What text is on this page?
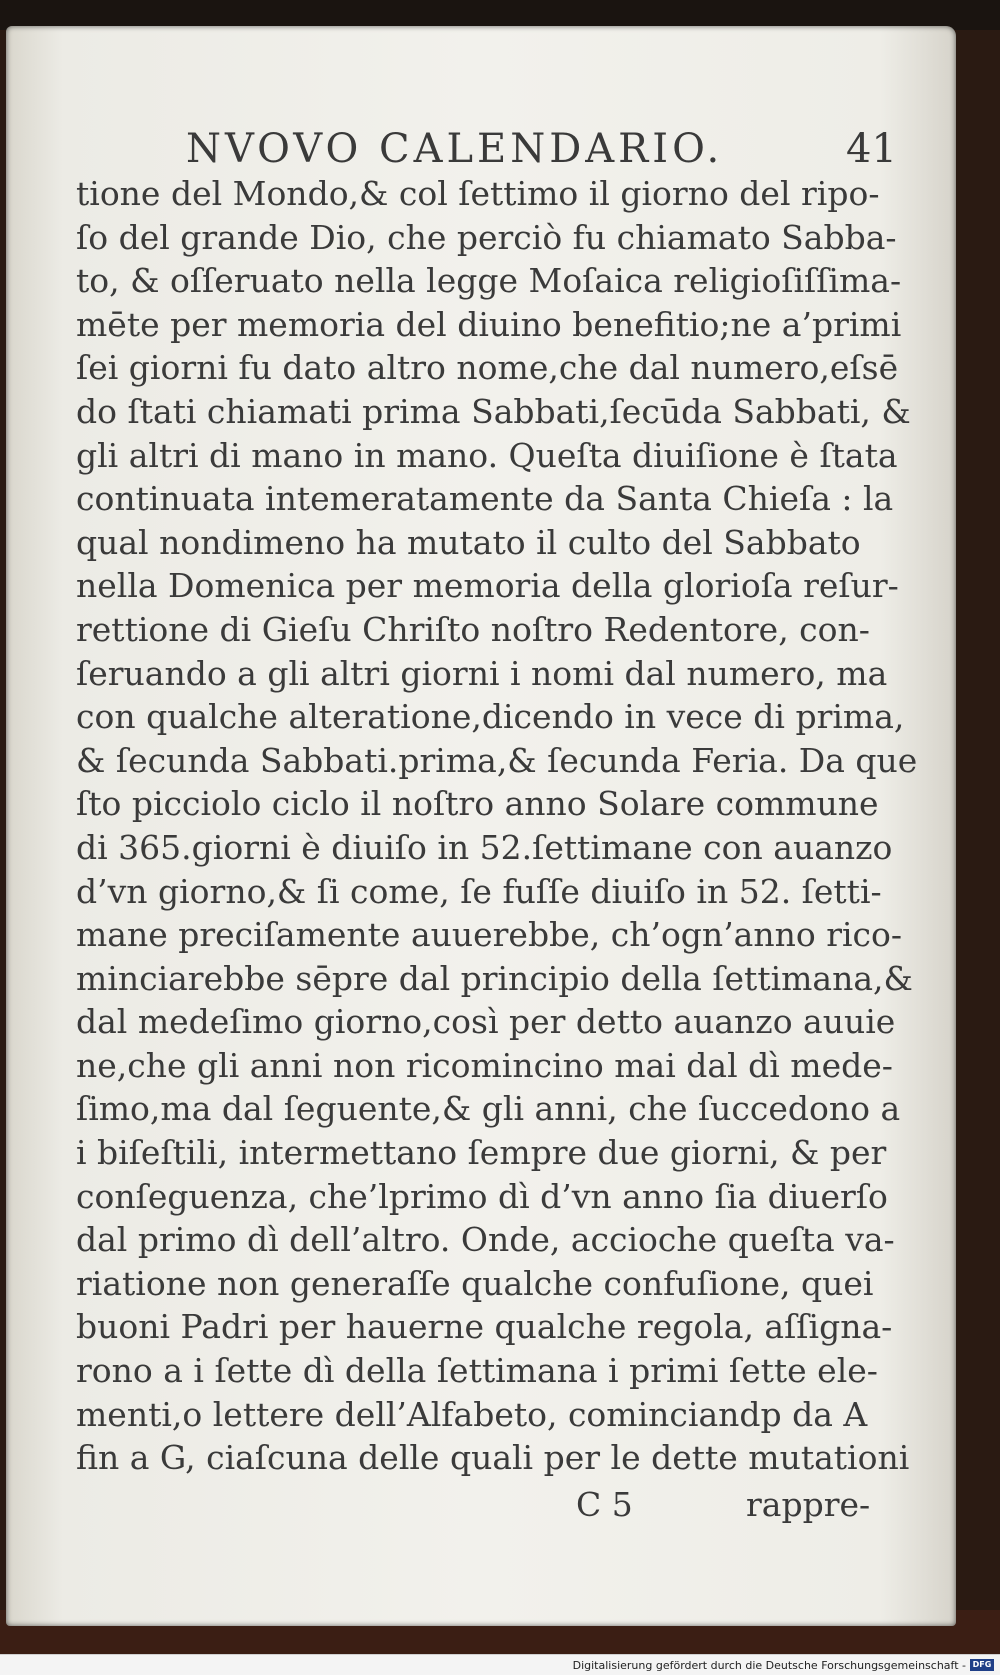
NVOVO CALENDARIO.	41
tione del Mondo,& col ſettimo il giorno del ripo-
ſo del grande Dio, che perciò fu chiamato Sabba-
to, & oſſeruato nella legge Moſaica religioſiſſima-
mēte per memoria del diuino benefitio;ne a’primi
ſei giorni fu dato altro nome,che dal numero,eſsē
do ſtati chiamati prima Sabbati,ſecūda Sabbati, &
gli altri di mano in mano. Queſta diuiſione è ſtata
continuata intemeratamente da Santa Chieſa : la
qual nondimeno ha mutato il culto del Sabbato
nella Domenica per memoria della glorioſa reſur-
rettione di Gieſu Chriſto noſtro Redentore, con-
ſeruando a gli altri giorni i nomi dal numero, ma
con qualche alteratione,dicendo in vece di prima,
& ſecunda Sabbati.prima,& ſecunda Feria. Da que
ſto picciolo ciclo il noſtro anno Solare commune
di 365.giorni è diuiſo in 52.ſettimane con auanzo
d’vn giorno,& ſi come, ſe fuſſe diuiſo in 52. ſetti-
mane preciſamente auuerebbe, ch’ogn’anno rico-
minciarebbe sēpre dal principio della ſettimana,&
dal medeſimo giorno,così per detto auanzo auuie
ne,che gli anni non ricomincino mai dal dì mede-
ſimo,ma dal ſeguente,& gli anni, che ſuccedono a
i biſeſtili, intermettano ſempre due giorni, & per
conſeguenza, che’lprimo dì d’vn anno ſia diuerſo
dal primo dì dell’altro. Onde, accioche queſta va-
riatione non generaſſe qualche confuſione, quei
buoni Padri per hauerne qualche regola, aſſigna-
rono a i ſette dì della ſettimana i primi ſette ele-
menti,o lettere dell’Alfabeto, cominciandp da A
fin a G, ciaſcuna delle quali per le dette mutationi
C 5	rappre-
Digitalisierung gefördert durch die Deutsche Forschungsgemeinschaft - DFG
